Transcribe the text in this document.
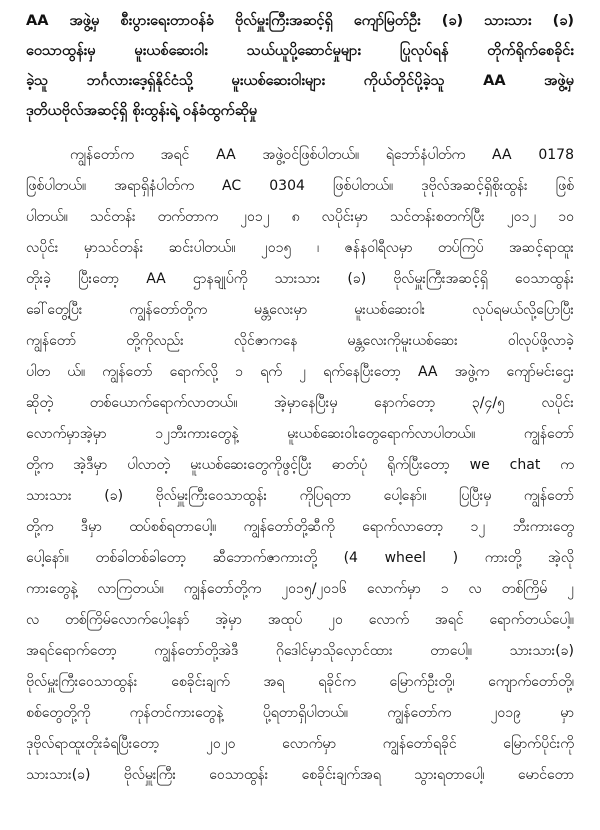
AA အဖွဲ့မှ စီးပွားရေးတာဝန်ခံ ဗိုလ်မှူးကြီးအဆင့်ရှိ ကျော်မြတ်ဦး (ခ) သားသား (ခ)
ဝေသာထွန်းမှ မူးယစ်ဆေးဝါး သယ်ယူပို့ဆောင်မှုများ ပြုလုပ်ရန် တိုက်ရိုက်စေခိုင်း
ခဲ့သူ ဘင်္ဂလားဒေ့ရှ်နိုင်ငံသို့ မူးယစ်ဆေးဝါးများ ကိုယ်တိုင်ပို့ခဲ့သူ AA အဖွဲ့မှ
ဒုတိယဗိုလ်အဆင့်ရှိ စိုးထွန်းရဲ့ ဝန်ခံထွက်ဆိုမှု
ကျွန်တော်က အရင် AA အဖွဲ့ဝင်ဖြစ်ပါတယ်။ ရဲဘော်နံပါတ်က AA 0178
ဖြစ်ပါတယ်။ အရာရှိနံပါတ်က AC 0304 ဖြစ်ပါတယ်။ ဒုဗိုလ်အဆင့်ရှိစိုးထွန်း ဖြစ်
ပါတယ်။ သင်တန်း တက်တာက ၂၀၁၂ ၈ လပိုင်းမှာ သင်တန်းစတက်ပြီး ၂၀၁၂ ၁၀
လပိုင်း မှာသင်တန်း ဆင်းပါတယ်။ ၂၀၁၅ ၊ ဇန်နဝါရီလမှာ တပ်ကြပ် အဆင့်ရာထူး
တိုးခဲ့ ပြီးတော့ AA ဌာနချုပ်ကို သားသား (ခ) ဗိုလ်မှူးကြီးအဆင့်ရှိ ဝေသာထွန်း
ခေါ်တွေ့ပြီး ကျွန်တော်တို့က မန္တလေးမှာ မူးယစ်ဆေးဝါး လုပ်ရမယ်လို့ပြောပြီး
ကျွန်တော် တို့ကိုလည်း လိုင်ဇာကနေ မန္တလေးကိုမူးယစ်ဆေး ဝါလုပ်ဖို့လာခဲ့
ပါတ ယ်။ ကျွန်တော် ရောက်လို့ ၁ ရက် ၂ ရက်နေပြီးတော့ AA အဖွဲ့က ကျော်မင်းဌေး
ဆိုတဲ့ တစ်ယောက်ရောက်လာတယ်။ အဲ့မှာနေပြီးမှ နောက်တော့ ၃/၄/၅ လပိုင်း
လောက်မှာအဲ့မှာ ၁၂ဘီးကားတွေနဲ့ မူးယစ်ဆေးဝါးတွေရောက်လာပါတယ်။ ကျွန်တော်
တို့က အဲ့ဒီမှာ ပါလာတဲ့ မူးယစ်ဆေးတွေကိုဖွင့်ပြီး ဓာတ်ပုံ ရိုက်ပြီးတော့ we chat က
သားသား (ခ) ဗိုလ်မှူးကြီးဝေသာထွန်း ကိုပြရတာ ပေါ့နော်။ ပြပြီးမှ ကျွန်တော်
တို့က ဒီမှာ ထပ်စစ်ရတာပေါ့။ ကျွန်တော်တို့ဆီကို ရောက်လာတော့ ၁၂ ဘီးကားတွေ
ပေါ့နော်။ တစ်ခါတစ်ခါတော့ ဆီဘောက်ဇာကားတို့ (4 wheel ) ကားတို့ အဲ့လို
ကားတွေနဲ့ လာကြတယ်။ ကျွန်တော်တို့က ၂၀၁၅/၂၀၁၆ လောက်မှာ ၁ လ တစ်ကြိမ် ၂
လ တစ်ကြိမ်လောက်ပေါ့နော် အဲ့မှာ အထုပ် ၂၀ လောက် အရင် ရောက်တယ်ပေါ့။
အရင်ရောက်တော့ ကျွန်တော်တို့အဲဒီ ဂိုဒေါင်မှာသိုလှောင်ထား တာပေါ့။ သားသား(ခ)
ဗိုလ်မှူးကြီးဝေသာထွန်း စေခိုင်းချက် အရ ရခိုင်က မြောက်ဦးတို့၊ ကျောက်တော်တို့၊
စစ်တွေတို့ကို ကုန်တင်ကားတွေနဲ့ ပို့ရတာရှိပါတယ်။ ကျွန်တော်က ၂၀၁၉ မှာ
ဒုဗိုလ်ရာထူးတိုးခံရပြီးတော့ ၂၀၂၀ လောက်မှာ ကျွန်တော်ရခိုင် မြောက်ပိုင်းကို
သားသား(ခ) ဗိုလ်မှူးကြီး ဝေသာထွန်း စေခိုင်းချက်အရ သွားရတာပေါ့၊ မောင်တော
